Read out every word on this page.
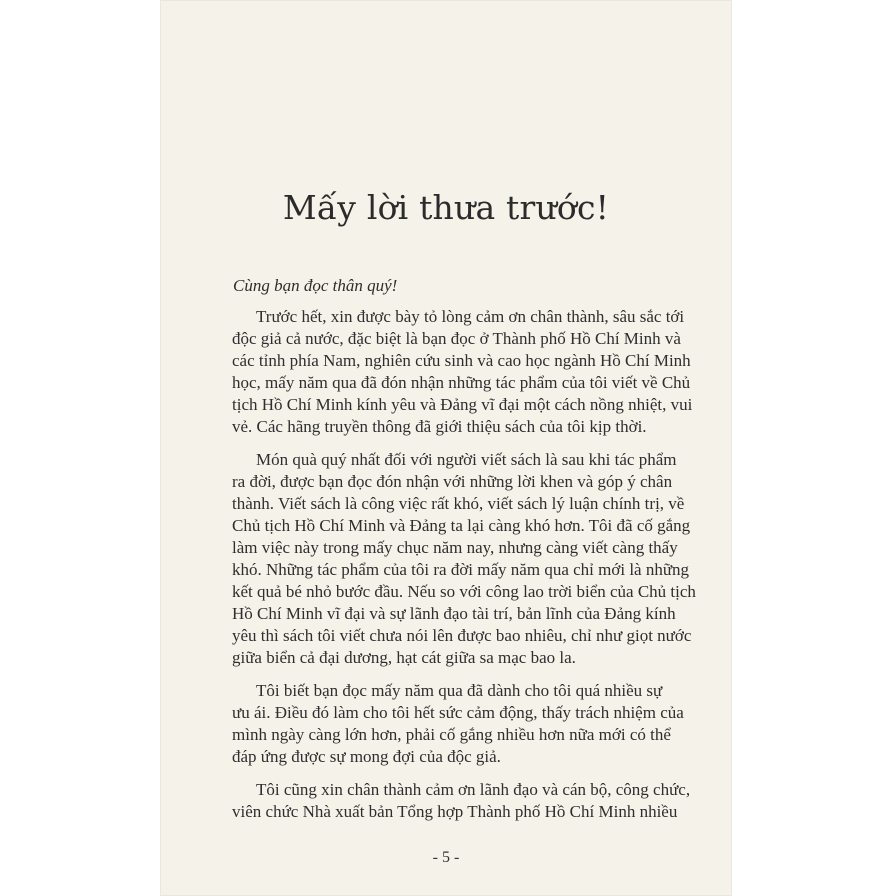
Mấy lời thưa trước!
Cùng bạn đọc thân quý!
Trước hết, xin được bày tỏ lòng cảm ơn chân thành, sâu sắc tới
độc giả cả nước, đặc biệt là bạn đọc ở Thành phố Hồ Chí Minh và
các tỉnh phía Nam, nghiên cứu sinh và cao học ngành Hồ Chí Minh
học, mấy năm qua đã đón nhận những tác phẩm của tôi viết về Chủ
tịch Hồ Chí Minh kính yêu và Đảng vĩ đại một cách nồng nhiệt, vui
vẻ. Các hãng truyền thông đã giới thiệu sách của tôi kịp thời.
Món quà quý nhất đối với người viết sách là sau khi tác phẩm
ra đời, được bạn đọc đón nhận với những lời khen và góp ý chân
thành. Viết sách là công việc rất khó, viết sách lý luận chính trị, về
Chủ tịch Hồ Chí Minh và Đảng ta lại càng khó hơn. Tôi đã cố gắng
làm việc này trong mấy chục năm nay, nhưng càng viết càng thấy
khó. Những tác phẩm của tôi ra đời mấy năm qua chỉ mới là những
kết quả bé nhỏ bước đầu. Nếu so với công lao trời biển của Chủ tịch
Hồ Chí Minh vĩ đại và sự lãnh đạo tài trí, bản lĩnh của Đảng kính
yêu thì sách tôi viết chưa nói lên được bao nhiêu, chỉ như giọt nước
giữa biển cả đại dương, hạt cát giữa sa mạc bao la.
Tôi biết bạn đọc mấy năm qua đã dành cho tôi quá nhiều sự
ưu ái. Điều đó làm cho tôi hết sức cảm động, thấy trách nhiệm của
mình ngày càng lớn hơn, phải cố gắng nhiều hơn nữa mới có thể
đáp ứng được sự mong đợi của độc giả.
Tôi cũng xin chân thành cảm ơn lãnh đạo và cán bộ, công chức,
viên chức Nhà xuất bản Tổng hợp Thành phố Hồ Chí Minh nhiều
- 5 -
